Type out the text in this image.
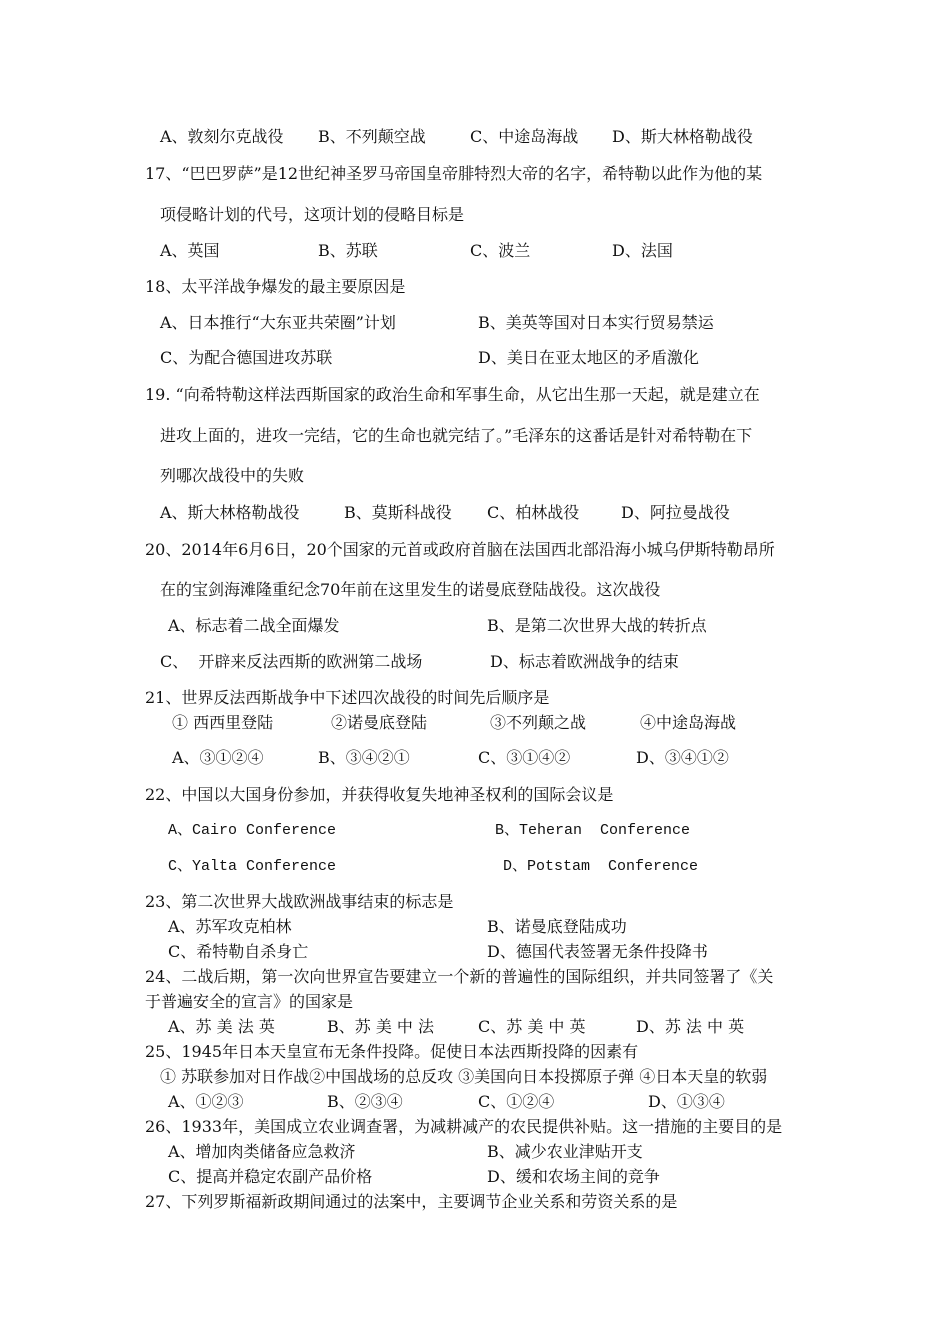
A、敦刻尔克战役 B、不列颠空战	C、中途岛海战 D、斯大林格勒战役
17、“巴巴罗萨”是12世纪神圣罗马帝国皇帝腓特烈大帝的名字，希特勒以此作为他的某
项侵略计划的代号，这项计划的侵略目标是
A、英国	B、苏联	C、波兰	D、法国
18、太平洋战争爆发的最主要原因是
A、日本推行“大东亚共荣圈”计划	B、美英等国对日本实行贸易禁运
C、为配合德国进攻苏联	D、美日在亚太地区的矛盾激化
19. “向希特勒这样法西斯国家的政治生命和军事生命，从它出生那一天起，就是建立在
进攻上面的，进攻一完结，它的生命也就完结了。”毛泽东的这番话是针对希特勒在下
列哪次战役中的失败
A、斯大林格勒战役	B、莫斯科战役 C、柏林战役	D、阿拉曼战役
20、2014年6月6日，20个国家的元首或政府首脑在法国西北部沿海小城乌伊斯特勒昂所
在的宝剑海滩隆重纪念70年前在这里发生的诺曼底登陆战役。这次战役
A、标志着二战全面爆发	B、是第二次世界大战的转折点
C、  开辟来反法西斯的欧洲第二战场	D、标志着欧洲战争的结束
21、世界反法西斯战争中下述四次战役的时间先后顺序是
① 西西里登陆	②诺曼底登陆	③不列颠之战	④中途岛海战
A、③①②④	B、③④②①	C、③①④②	D、③④①②
22、中国以大国身份参加，并获得收复失地神圣权利的国际会议是
A、Cairo Conference	B、Teheran  Conference
C、Yalta Conference	D、Potstam  Conference
23、第二次世界大战欧洲战事结束的标志是
A、苏军攻克柏林	B、诺曼底登陆成功
C、希特勒自杀身亡	D、德国代表签署无条件投降书
24、二战后期，第一次向世界宣告要建立一个新的普遍性的国际组织，并共同签署了《关
于普遍安全的宣言》的国家是
A、苏 美 法 英	B、苏 美 中 法	C、苏 美 中 英	D、苏 法 中 英
25、1945年日本天皇宣布无条件投降。促使日本法西斯投降的因素有
① 苏联参加对日作战②中国战场的总反攻 ③美国向日本投掷原子弹 ④日本天皇的软弱
A、①②③	B、②③④	C、①②④	D、①③④
26、1933年，美国成立农业调查署，为减耕减产的农民提供补贴。这一措施的主要目的是
A、增加肉类储备应急救济	B、减少农业津贴开支
C、提高并稳定农副产品价格	D、缓和农场主间的竞争
27、下列罗斯福新政期间通过的法案中，主要调节企业关系和劳资关系的是
